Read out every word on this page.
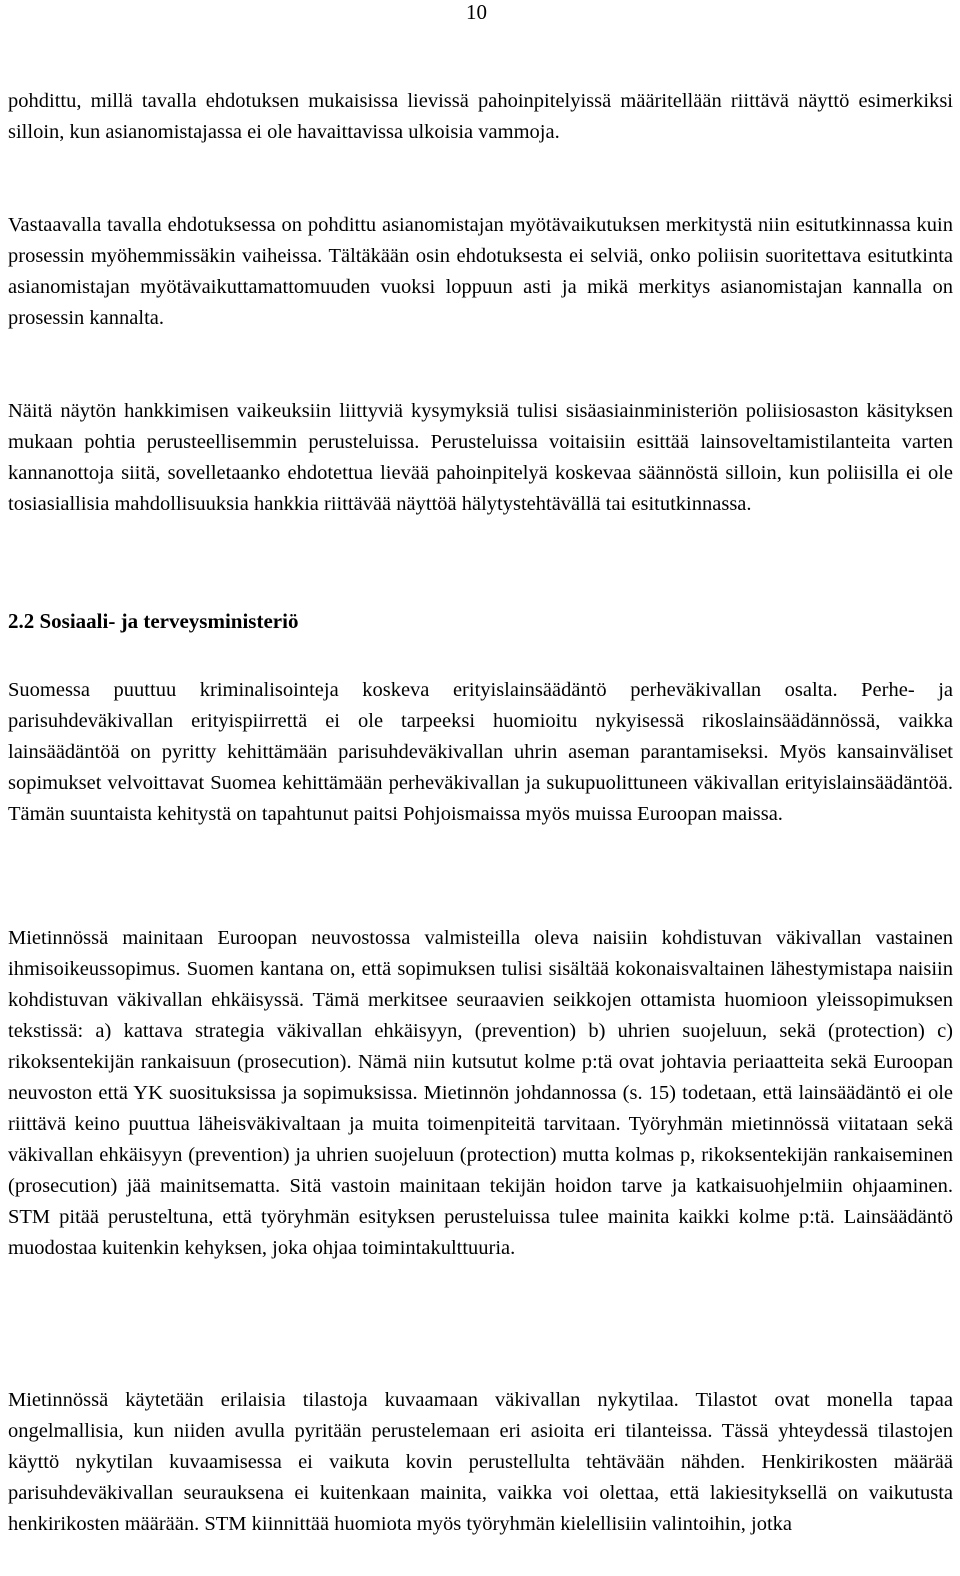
10

pohdittu, millä tavalla ehdotuksen mukaisissa lievissä pahoinpitelyissä määritellään riittävä näyttö esimerkiksi silloin, kun asianomistajassa ei ole havaittavissa ulkoisia vammoja.

Vastaavalla tavalla ehdotuksessa on pohdittu asianomistajan myötävaikutuksen merkitystä niin esitutkinnassa kuin prosessin myöhemmissäkin vaiheissa. Tältäkään osin ehdotuksesta ei selviä, onko poliisin suoritettava esitutkinta asianomistajan myötävaikuttamattomuuden vuoksi loppuun asti ja mikä merkitys asianomistajan kannalla on prosessin kannalta.

Näitä näytön hankkimisen vaikeuksiin liittyviä kysymyksiä tulisi sisäasiainministeriön poliisiosaston käsityksen mukaan pohtia perusteellisemmin perusteluissa. Perusteluissa voitaisiin esittää lainsoveltamistilanteita varten kannanottoja siitä, sovelletaanko ehdotettua lievää pahoinpitelyä koskevaa säännöstä silloin, kun poliisilla ei ole tosiasiallisia mahdollisuuksia hankkia riittävää näyttöä hälytystehtävällä tai esitutkinnassa.

2.2 Sosiaali- ja terveysministeriö

Suomessa puuttuu kriminalisointeja koskeva erityislainsäädäntö perheväkivallan osalta. Perhe- ja parisuhdeväkivallan erityispiirrettä ei ole tarpeeksi huomioitu nykyisessä rikoslainsäädännössä, vaikka lainsäädäntöä on pyritty kehittämään parisuhdeväkivallan uhrin aseman parantamiseksi. Myös kansainväliset sopimukset velvoittavat Suomea kehittämään perheväkivallan ja sukupuolittuneen väkivallan erityislainsäädäntöä. Tämän suuntaista kehitystä on tapahtunut paitsi Pohjoismaissa myös muissa Euroopan maissa.

Mietinnössä mainitaan Euroopan neuvostossa valmisteilla oleva naisiin kohdistuvan väkivallan vastainen ihmisoikeussopimus. Suomen kantana on, että sopimuksen tulisi sisältää kokonaisvaltainen lähestymistapa naisiin kohdistuvan väkivallan ehkäisyssä. Tämä merkitsee seuraavien seikkojen ottamista huomioon yleissopimuksen tekstissä: a) kattava strategia väkivallan ehkäisyyn, (prevention) b) uhrien suojeluun, sekä (protection) c) rikoksentekijän rankaisuun (prosecution). Nämä niin kutsutut kolme p:tä ovat johtavia periaatteita sekä Euroopan neuvoston että YK suosituksissa ja sopimuksissa. Mietinnön johdannossa (s. 15) todetaan, että lainsäädäntö ei ole riittävä keino puuttua läheisväkivaltaan ja muita toimenpiteitä tarvitaan. Työryhmän mietinnössä viitataan sekä väkivallan ehkäisyyn (prevention) ja uhrien suojeluun (protection) mutta kolmas p, rikoksentekijän rankaiseminen (prosecution) jää mainitsematta. Sitä vastoin mainitaan tekijän hoidon tarve ja katkaisuohjelmiin ohjaaminen. STM pitää perusteltuna, että työryhmän esityksen perusteluissa tulee mainita kaikki kolme p:tä. Lainsäädäntö muodostaa kuitenkin kehyksen, joka ohjaa toimintakulttuuria.

Mietinnössä käytetään erilaisia tilastoja kuvaamaan väkivallan nykytilaa. Tilastot ovat monella tapaa ongelmallisia, kun niiden avulla pyritään perustelemaan eri asioita eri tilanteissa. Tässä yhteydessä tilastojen käyttö nykytilan kuvaamisessa ei vaikuta kovin perustellulta tehtävään nähden. Henkirikosten määrää parisuhdeväkivallan seurauksena ei kuitenkaan mainita, vaikka voi olettaa, että lakiesityksellä on vaikutusta henkirikosten määrään. STM kiinnittää huomiota myös työryhmän kielellisiin valintoihin, jotka
